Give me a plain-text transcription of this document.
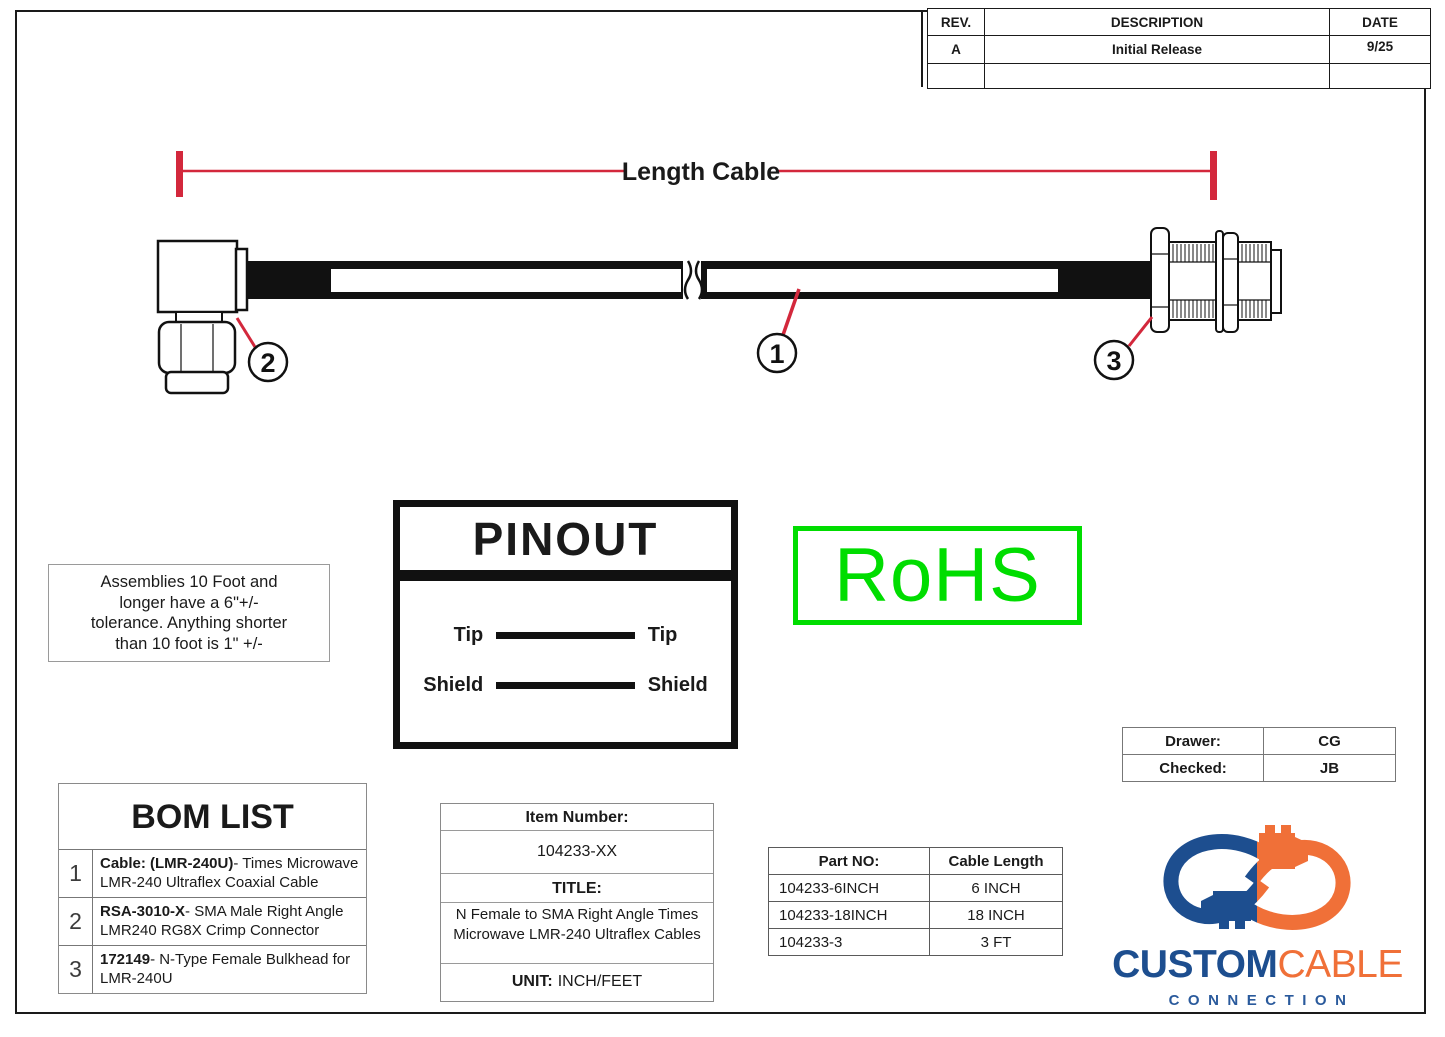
REV.	DESCRIPTION	DATE
A	Initial Release	9/25

Length Cable
1
2	3
Assemblies 10 Foot and
longer have a 6"+/-
tolerance. Anything shorter
than 10 foot is 1" +/-
PINOUT
Tip	Tip
Shield	Shield
RoHS
Drawer:	CG
Checked:	JB
BOM LIST
1	Cable: (LMR-240U)- Times Microwave LMR-240 Ultraflex Coaxial Cable
2	RSA-3010-X- SMA Male Right Angle LMR240 RG8X Crimp Connector
3	172149- N-Type Female Bulkhead for LMR-240U
Item Number:
104233-XX
TITLE:
N Female to SMA Right Angle Times Microwave LMR-240 Ultraflex Cables
UNIT: INCH/FEET
Part NO:	Cable Length
104233-6INCH	6 INCH
104233-18INCH	18 INCH
104233-3	3 FT
CUSTOMCABLE
CONNECTION
